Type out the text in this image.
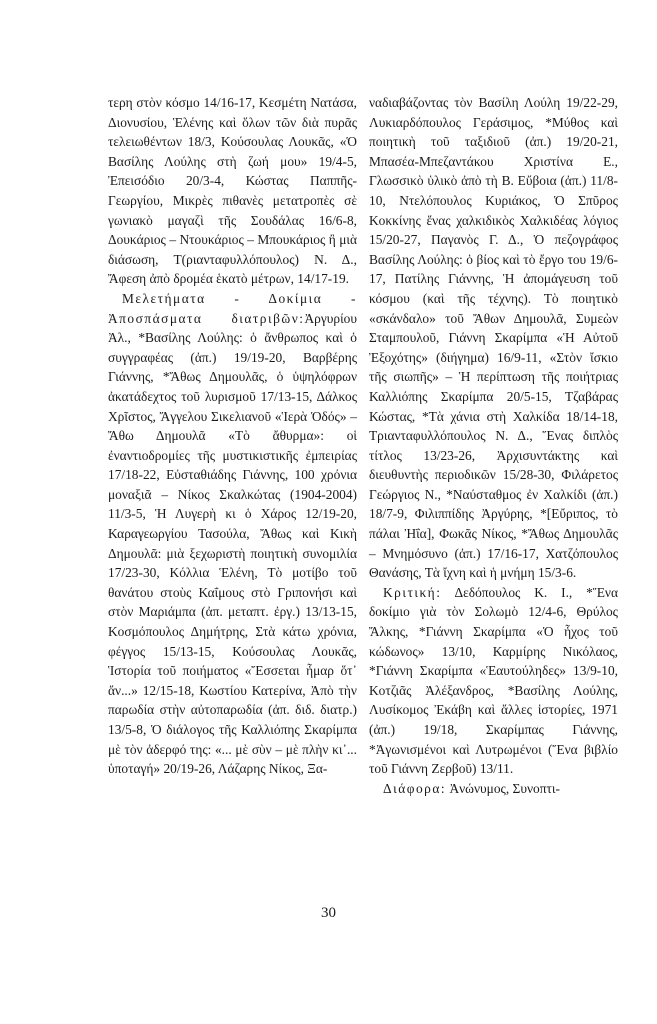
τερη στὸν κόσμο 14/16-17, Κεσμέτη Νατάσα, Διονυσίου, Ἑλένης καὶ ὅλων τῶν διὰ πυρᾶς τελειωθέντων 18/3, Κούσουλας Λουκᾶς, «Ὁ Βασίλης Λούλης στὴ ζωή μου» 19/4-5, Ἐπεισόδιο 20/3-4, Κώστας Παππῆς-Γεωργίου, Μικρὲς πιθανὲς μετατροπὲς σὲ γωνιακὸ μαγαζὶ τῆς Σουδάλας 16/6-8, Δουκάριος – Ντουκάριος – Μπουκάριος ἢ μιὰ διάσωση, Τ(ριανταφυλλόπουλος) Ν. Δ., Ἄφεση ἀπὸ δρομέα ἑκατὸ μέτρων, 14/17-19.

Μελετήματα - Δοκίμια - Ἀποσπάσματα διατριβῶν:Ἀργυρίου Ἀλ., *Βασίλης Λούλης: ὁ ἄνθρωπος καὶ ὁ συγγραφέας (ἀπ.) 19/19-20, Βαρβέρης Γιάννης, *Ἄθως Δημουλᾶς, ὁ ὑψηλόφρων ἀκατάδεχτος τοῦ λυρισμοῦ 17/13-15, Δάλκος Χρῖστος, Ἄγγελου Σικελιανοῦ «Ἱερὰ Ὁδός» – Ἄθω Δημουλᾶ «Τὸ ἄθυρμα»: οἱ ἐναντιοδρομίες τῆς μυστικιστικῆς ἐμπειρίας 17/18-22, Εὐσταθιάδης Γιάννης, 100 χρόνια μοναξιᾶ – Νίκος Σκαλκώτας (1904-2004) 11/3-5, Ἡ Λυγερὴ κι ὁ Χάρος 12/19-20, Καραγεωργίου Τασούλα, Ἄθως καὶ Κικὴ Δημουλᾶ: μιὰ ξεχωριστὴ ποιητικὴ συνομιλία 17/23-30, Κόλλια Ἑλένη, Τὸ μοτίβο τοῦ θανάτου στοὺς Καΐμους στὸ Γριπονήσι καὶ στὸν Μαριάμπα (ἀπ. μεταπτ. ἐργ.) 13/13-15, Κοσμόπουλος Δημήτρης, Στὰ κάτω χρόνια, φέγγος 15/13-15, Κούσουλας Λουκᾶς, Ἱστορία τοῦ ποιήματος «Ἔσσεται ἦμαρ ὅτ᾽ ἄν...» 12/15-18, Κωστίου Κατερίνα, Ἀπὸ τὴν παρωδία στὴν αὐτοπαρωδία (ἀπ. διδ. διατρ.) 13/5-8, Ὁ διάλογος τῆς Καλλιόπης Σκαρίμπα μὲ τὸν ἀδερφό της: «... μὲ σὺν – μὲ πλὴν κι᾽... ὑποταγή» 20/19-26, Λάζαρης Νίκος, Ξα-

ναδιαβάζοντας τὸν Βασίλη Λούλη 19/22-29, Λυκιαρδόπουλος Γεράσιμος, *Μύθος καὶ ποιητικὴ τοῦ ταξιδιοῦ (ἀπ.) 19/20-21, Μπασέα-Μπεζαντάκου Χριστίνα Ε., Γλωσσικὸ ὑλικὸ ἀπὸ τὴ Β. Εὔβοια (ἀπ.) 11/8-10, Ντελόπουλος Κυριάκος, Ὁ Σπῦρος Κοκκίνης ἕνας χαλκιδικὸς Χαλκιδέας λόγιος 15/20-27, Παγανὸς Γ. Δ., Ὁ πεζογράφος Βασίλης Λούλης: ὁ βίος καὶ τὸ ἔργο του 19/6-17, Πατίλης Γιάννης, Ἡ ἀπομάγευση τοῦ κόσμου (καὶ τῆς τέχνης). Τὸ ποιητικὸ «σκάνδαλο» τοῦ Ἄθων Δημουλᾶ, Συμεὼν Σταμπουλοῦ, Γιάννη Σκαρίμπα «Ἡ Αὐτοῦ Ἐξοχότης» (διήγημα) 16/9-11, «Στὸν ἴσκιο τῆς σιωπῆς» – Ἡ περίπτωση τῆς ποιήτριας Καλλιόπης Σκαρίμπα 20/5-15, Τζαβάρας Κώστας, *Τὰ χάνια στὴ Χαλκίδα 18/14-18, Τριανταφυλλόπουλος Ν. Δ., Ἕνας διπλὸς τίτλος 13/23-26, Ἀρχισυντάκτης καὶ διευθυντὴς περιοδικῶν 15/28-30, Φιλάρετος Γεώργιος Ν., *Ναύσταθμος ἐν Χαλκίδι (ἀπ.) 18/7-9, Φιλιππίδης Ἀργύρης, *[Εὔριπος, τὸ πάλαι Ἠΐα], Φωκᾶς Νίκος, *Ἄθως Δημουλᾶς – Μνημόσυνο (ἀπ.) 17/16-17, Χατζόπουλος Θανάσης, Τὰ ἴχνη καὶ ἡ μνήμη 15/3-6.

Κριτική: Δεδόπουλος Κ. Ι., *Ἕνα δοκίμιο γιὰ τὸν Σολωμὸ 12/4-6, Θρύλος Ἄλκης, *Γιάννη Σκαρίμπα «Ὁ ἦχος τοῦ κώδωνος» 13/10, Καρμίρης Νικόλαος, *Γιάννη Σκαρίμπα «Ἑαυτούληδες» 13/9-10, Κοτζιᾶς Ἀλέξανδρος, *Βασίλης Λούλης, Λυσίκομος Ἐκάβη καὶ ἄλλες ἱστορίες, 1971 (ἀπ.) 19/18, Σκαρίμπας Γιάννης, *Ἀγωνισμένοι καὶ Λυτρωμένοι (Ἕνα βιβλίο τοῦ Γιάννη Ζερβοῦ) 13/11.

Διάφορα: Ἀνώνυμος, Συνοπτι-

30
